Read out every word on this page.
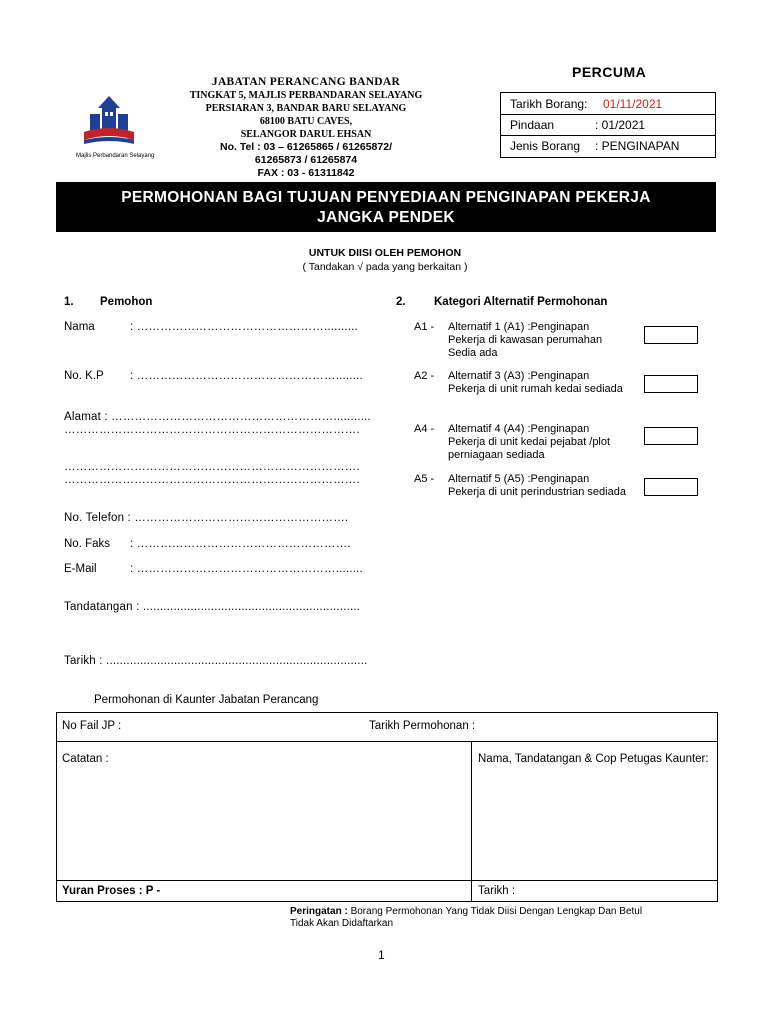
PERCUMA
Majlis Perbandaran Selayang
JABATAN PERANCANG BANDAR
TINGKAT 5, MAJLIS PERBANDARAN SELAYANG
PERSIARAN 3, BANDAR BARU SELAYANG
68100 BATU CAVES,
SELANGOR DARUL EHSAN
No. Tel : 03 – 61265865 / 61265872/
61265873 / 61265874
FAX : 03 - 61311842
Tarikh Borang: 01/11/2021
Pindaan	: 01/2021
Jenis Borang : PENGINAPAN
PERMOHONAN BAGI TUJUAN PENYEDIAAN PENGINAPAN PEKERJA
JANGKA PENDEK
UNTUK DIISI OLEH PEMOHON
( Tandakan √ pada yang berkaitan )
1. Pemohon
Nama	: …………………………………………..........
No. K.P : ……………………………………………........
Alamat : …………………………………………………...........
………………………………………………………………….
………………………………………………………………….
………………………………………………………………….
No. Telefon : ……………………………………………….
No. Faks : ……………………………………………….
E-Mail	: ……………………………………………........
Tandatangan : ................................................................
Tarikh : .............................................................................
2. Kategori Alternatif Permohonan
A1 - Alternatif 1 (A1) :Penginapan
Pekerja di kawasan perumahan
Sedia ada
A2 - Alternatif 3 (A3) :Penginapan
Pekerja di unit rumah kedai sediada
A4 - Alternatif 4 (A4) :Penginapan
Pekerja di unit kedai pejabat /plot
perniagaan sediada
A5 - Alternatif 5 (A5) :Penginapan
Pekerja di unit perindustrian sediada
Permohonan di Kaunter Jabatan Perancang
No Fail JP :	Tarikh Permohonan :
Catatan :	Nama, Tandatangan & Cop Petugas Kaunter:
Yuran Proses : P -	Tarikh :
Peringatan : Borang Permohonan Yang Tidak Diisi Dengan Lengkap Dan Betul
Tidak Akan Didaftarkan
1
